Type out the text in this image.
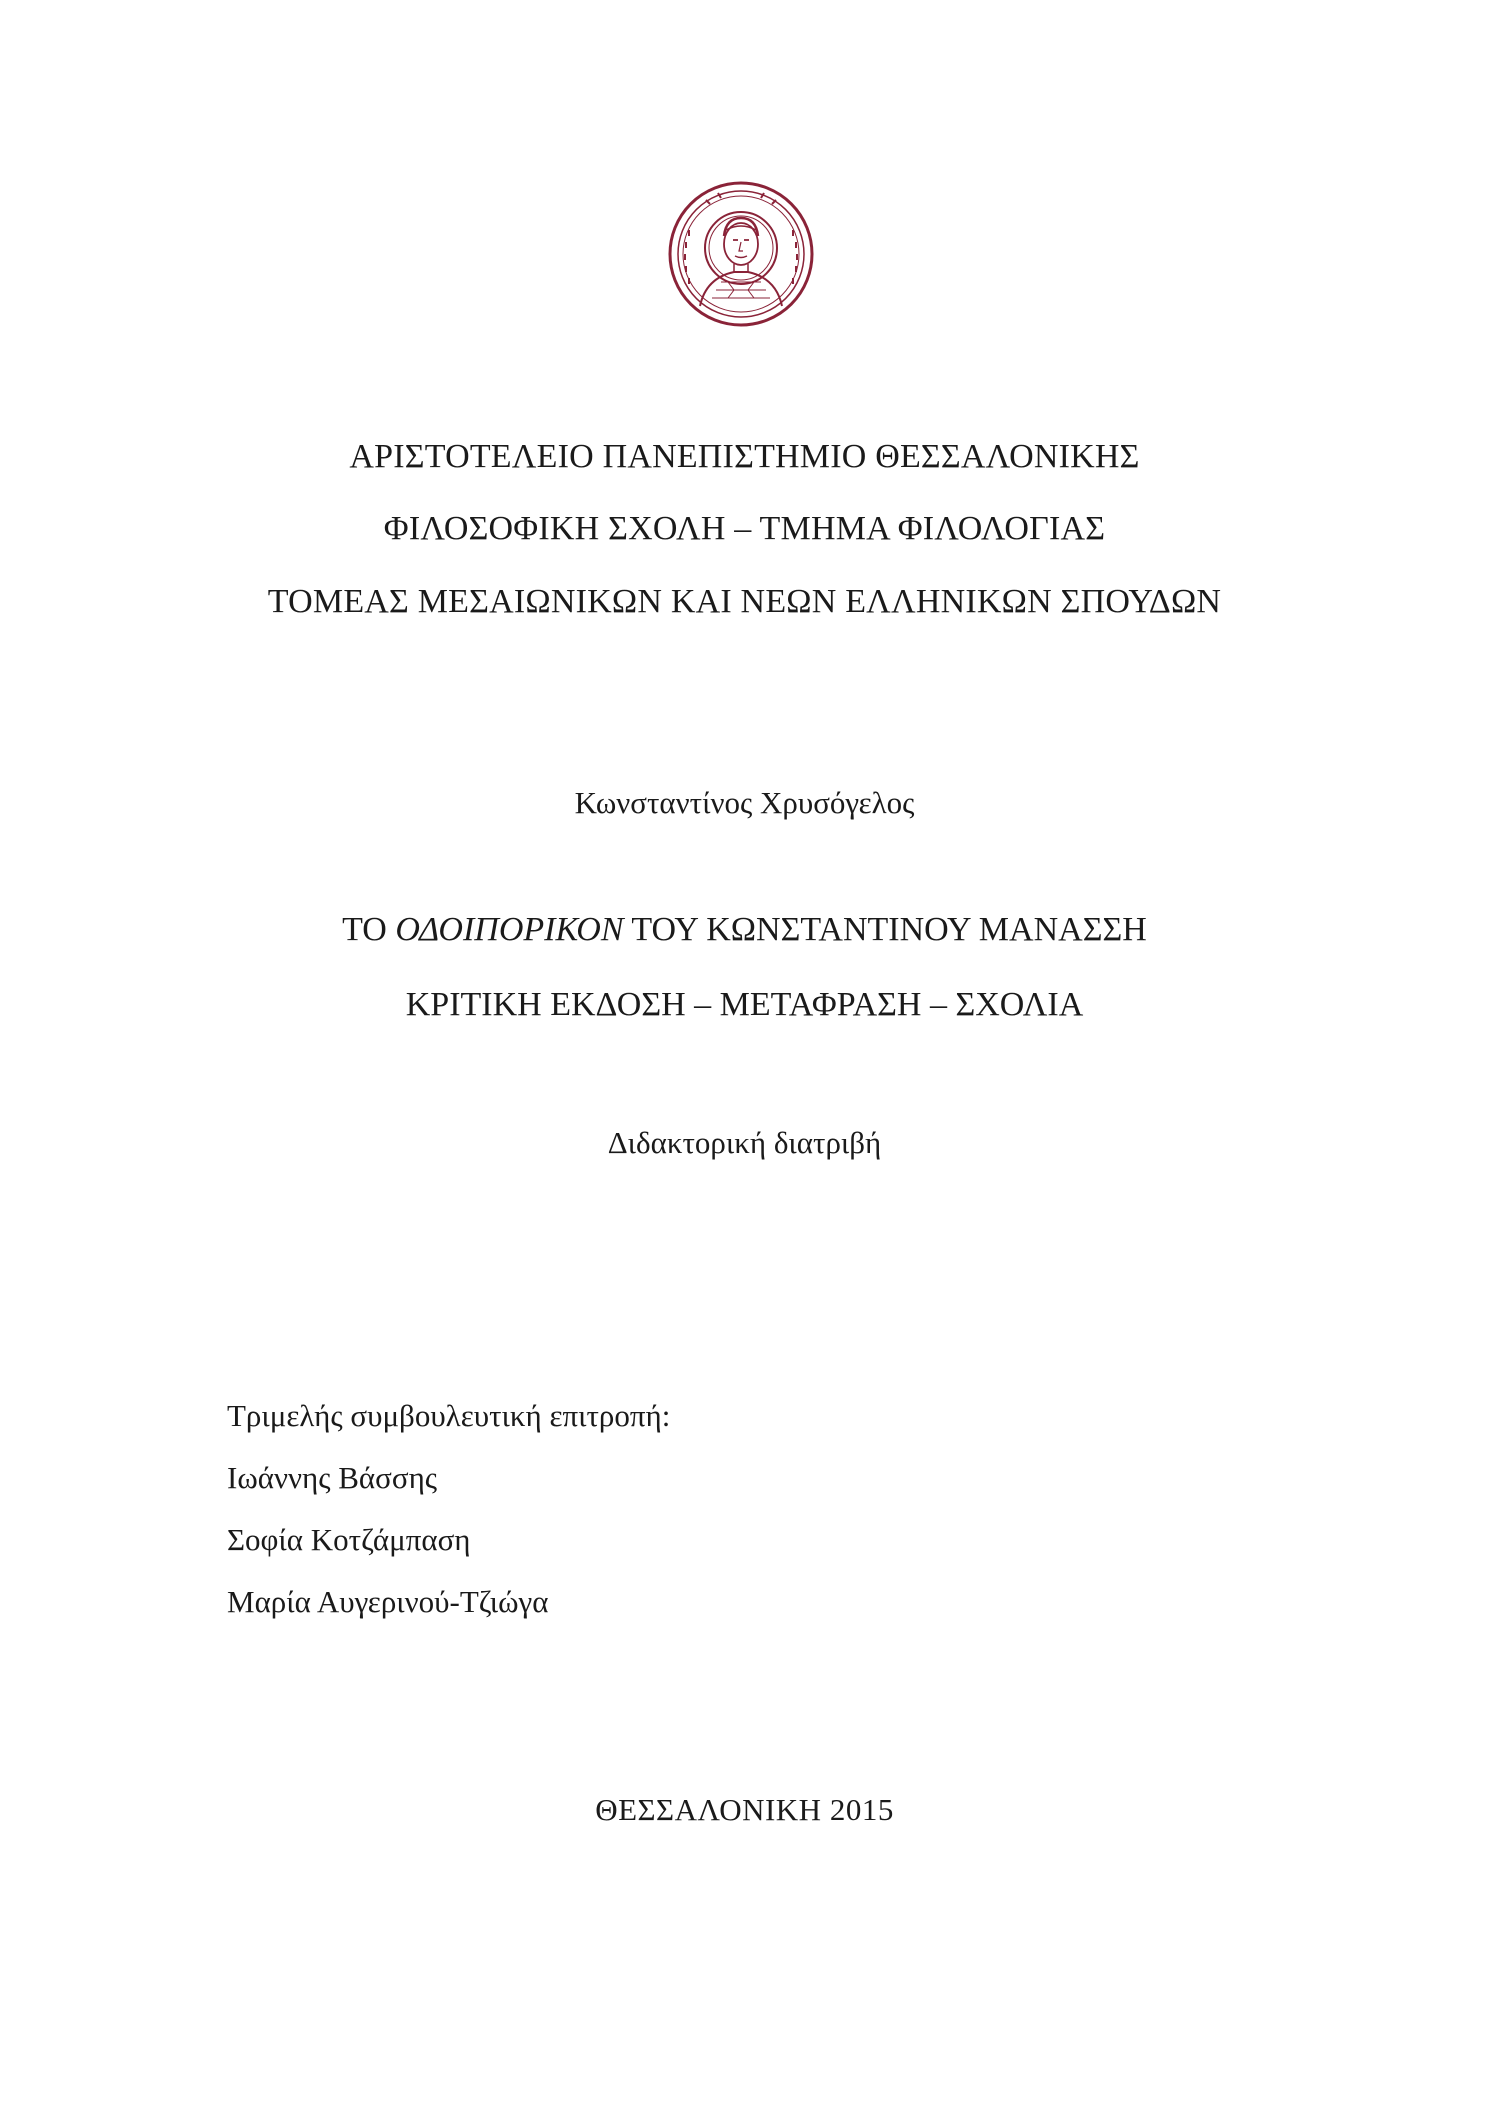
ΑΡΙΣΤΟΤΕΛΕΙΟ ΠΑΝΕΠΙΣΤΗΜΙΟ ΘΕΣΣΑΛΟΝΙΚΗΣ
ΦΙΛΟΣΟΦΙΚΗ ΣΧΟΛΗ – ΤΜΗΜΑ ΦΙΛΟΛΟΓΙΑΣ
ΤΟΜΕΑΣ ΜΕΣΑΙΩΝΙΚΩΝ ΚΑΙ ΝΕΩΝ ΕΛΛΗΝΙΚΩΝ ΣΠΟΥΔΩΝ
Κωνσταντίνος Χρυσόγελος
ΤΟ ΟΔΟΙΠΟΡΙΚΟΝ ΤΟΥ ΚΩΝΣΤΑΝΤΙΝΟΥ ΜΑΝΑΣΣΗ
ΚΡΙΤΙΚΗ ΕΚΔΟΣΗ – ΜΕΤΑΦΡΑΣΗ – ΣΧΟΛΙΑ
Διδακτορική διατριβή
Τριμελής συμβουλευτική επιτροπή:
Ιωάννης Βάσσης
Σοφία Κοτζάμπαση
Μαρία Αυγερινού-Τζιώγα
ΘΕΣΣΑΛΟΝΙΚΗ 2015
